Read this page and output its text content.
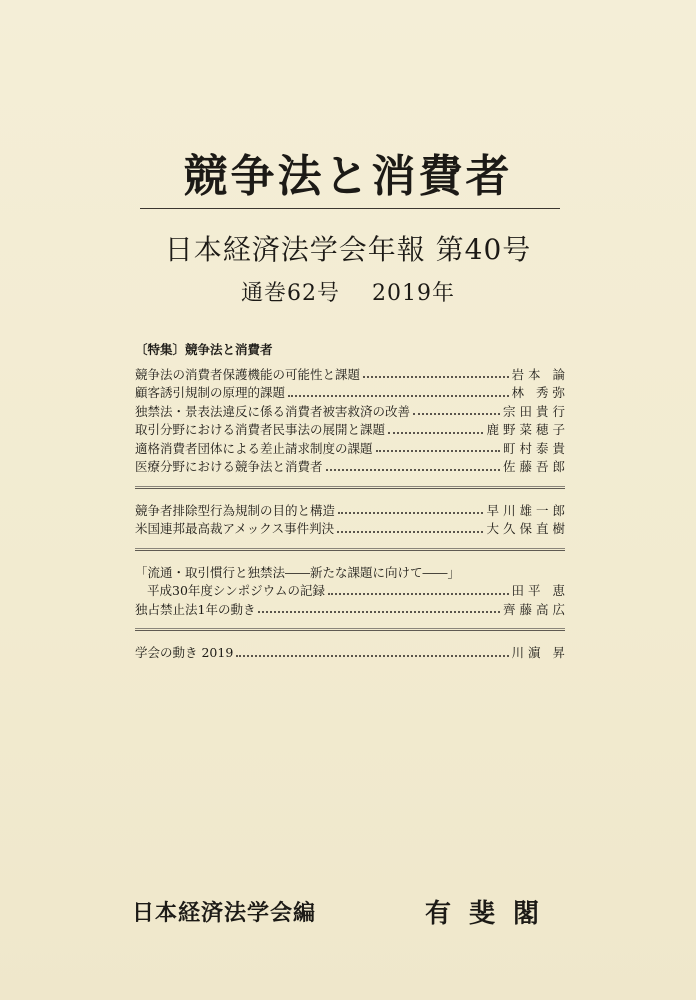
競争法と消費者
日本経済法学会年報 第40号
通巻62号 2019年
〔特集〕競争法と消費者
競争法の消費者保護機能の可能性と課題	岩本 論
顧客誘引規制の原理的課題	林 秀弥
独禁法・景表法違反に係る消費者被害救済の改善	宗田貴行
取引分野における消費者民事法の展開と課題	鹿野菜穂子
適格消費者団体による差止請求制度の課題	町村泰貴
医療分野における競争法と消費者	佐藤吾郎
競争者排除型行為規制の目的と構造	早川雄一郎
米国連邦最高裁アメックス事件判決	大久保直樹
「流通・取引慣行と独禁法――新たな課題に向けて――」
平成30年度シンポジウムの記録	田平 恵
独占禁止法1年の動き	齊藤高広
学会の動き 2019	川濵 昇
日本経済法学会編	有斐閣
